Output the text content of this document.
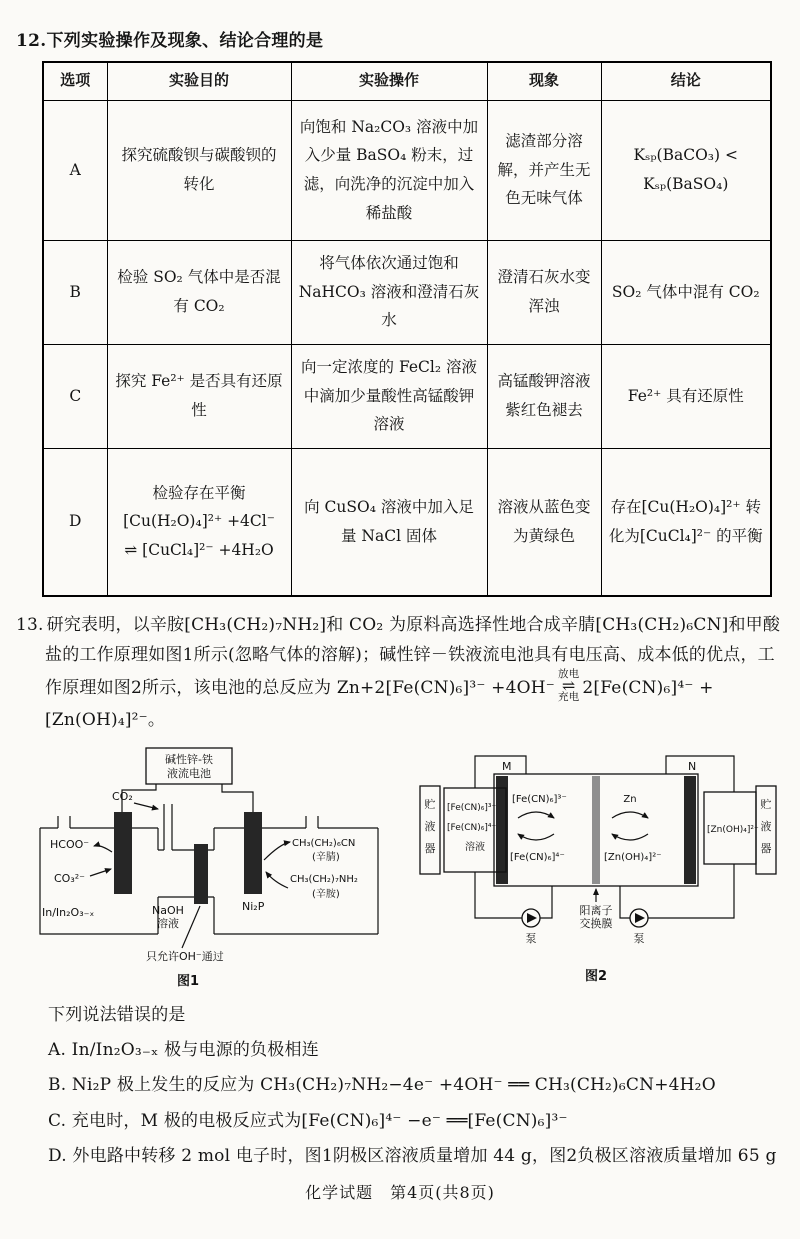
12.下列实验操作及现象、结论合理的是
选项	实验目的	实验操作	现象	结论
A	探究硫酸钡与碳酸钡的转化	向饱和 Na₂CO₃ 溶液中加入少量 BaSO₄ 粉末，过滤，向洗净的沉淀中加入稀盐酸	滤渣部分溶解，并产生无色无味气体	Kₛₚ(BaCO₃) < Kₛₚ(BaSO₄)
B	检验 SO₂ 气体中是否混有 CO₂	将气体依次通过饱和 NaHCO₃ 溶液和澄清石灰水	澄清石灰水变浑浊	SO₂ 气体中混有 CO₂
C	探究 Fe²⁺ 是否具有还原性	向一定浓度的 FeCl₂ 溶液中滴加少量酸性高锰酸钾溶液	高锰酸钾溶液紫红色褪去	Fe²⁺ 具有还原性
D	检验存在平衡 [Cu(H₂O)₄]²⁺ +4Cl⁻ ⇌ [CuCl₄]²⁻ +4H₂O	向 CuSO₄ 溶液中加入足量 NaCl 固体	溶液从蓝色变为黄绿色	存在[Cu(H₂O)₄]²⁺ 转化为[CuCl₄]²⁻ 的平衡
13. 研究表明，以辛胺[CH₃(CH₂)₇NH₂]和 CO₂ 为原料高选择性地合成辛腈[CH₃(CH₂)₆CN]和甲酸盐的工作原理如图1所示(忽略气体的溶解)；碱性锌－铁液流电池具有电压高、成本低的优点，工作原理如图2所示，该电池的总反应为 Zn+2[Fe(CN)₆]³⁻ +4OH⁻
放电
⇌
充电 2[Fe(CN)₆]⁴⁻ +[Zn(OH)₄]²⁻。
碱性锌-铁
液流电池
CO₂
HCOO⁻
CO₃²⁻
In/In₂O₃₋ₓ	NaOH
溶液
Ni₂P
CH₃(CH₂)₆CN
(辛腈)
CH₃(CH₂)₇NH₂
(辛胺)
只允许OH⁻通过
图1
M	N
[Fe(CN)₆]³⁻
[Fe(CN)₆]⁴⁻
Zn
[Zn(OH)₄]²⁻
贮
液
器
[Fe(CN)₆]³⁻
[Fe(CN)₆]⁴⁻
溶液
[Zn(OH)₄]²⁻
贮
液
器
泵	泵
阳离子
交换膜
图2
下列说法错误的是
A. In/In₂O₃₋ₓ 极与电源的负极相连
B. Ni₂P 极上发生的反应为 CH₃(CH₂)₇NH₂−4e⁻ +4OH⁻ ══ CH₃(CH₂)₆CN+4H₂O
C. 充电时，M 极的电极反应式为[Fe(CN)₆]⁴⁻ −e⁻ ══[Fe(CN)₆]³⁻
D. 外电路中转移 2 mol 电子时，图1阴极区溶液质量增加 44 g，图2负极区溶液质量增加 65 g
化学试题　第4页(共8页)
